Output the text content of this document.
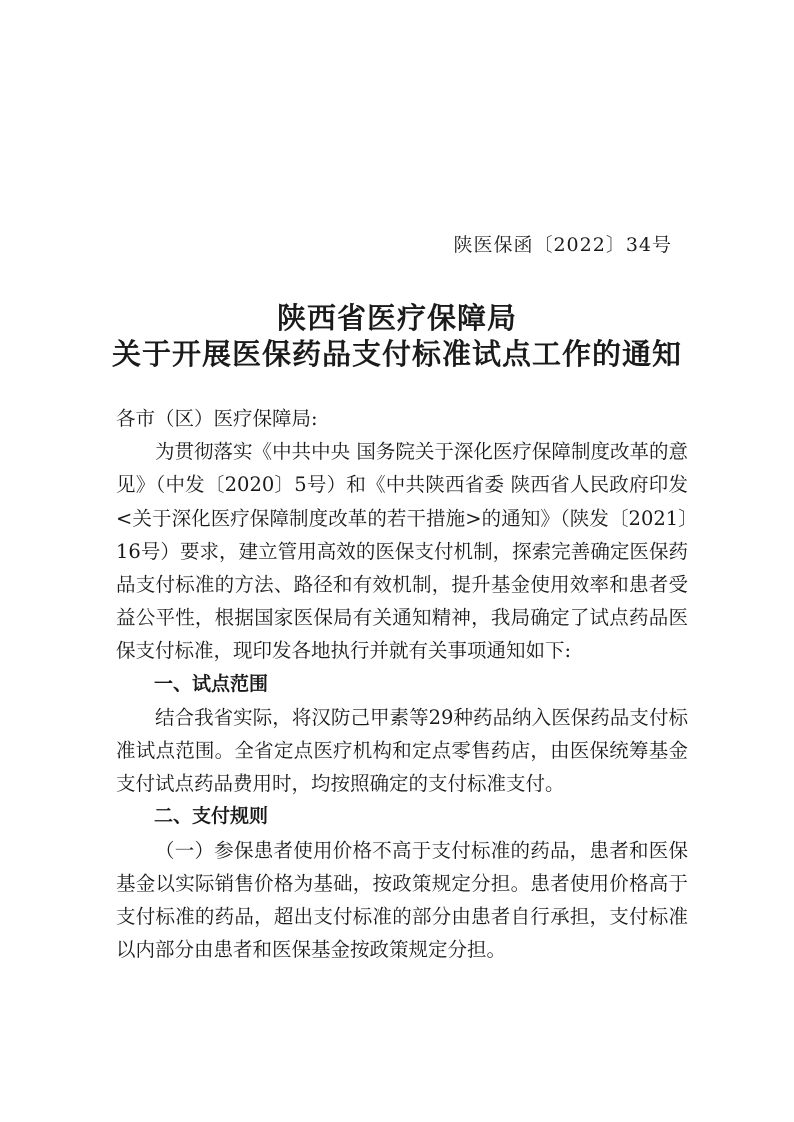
陕医保函〔2022〕34号
陕西省医疗保障局
关于开展医保药品支付标准试点工作的通知

各市（区）医疗保障局:

为贯彻落实《中共中央 国务院关于深化医疗保障制度改革的意见》（中发〔2020〕5号）和《中共陕西省委 陕西省人民政府印发<关于深化医疗保障制度改革的若干措施>的通知》（陕发〔2021〕16号）要求，建立管用高效的医保支付机制，探索完善确定医保药品支付标准的方法、路径和有效机制，提升基金使用效率和患者受益公平性，根据国家医保局有关通知精神，我局确定了试点药品医保支付标准，现印发各地执行并就有关事项通知如下:

一、试点范围

结合我省实际，将汉防己甲素等29种药品纳入医保药品支付标准试点范围。全省定点医疗机构和定点零售药店，由医保统筹基金支付试点药品费用时，均按照确定的支付标准支付。

二、支付规则

（一）参保患者使用价格不高于支付标准的药品，患者和医保基金以实际销售价格为基础，按政策规定分担。患者使用价格高于支付标准的药品，超出支付标准的部分由患者自行承担，支付标准以内部分由患者和医保基金按政策规定分担。
